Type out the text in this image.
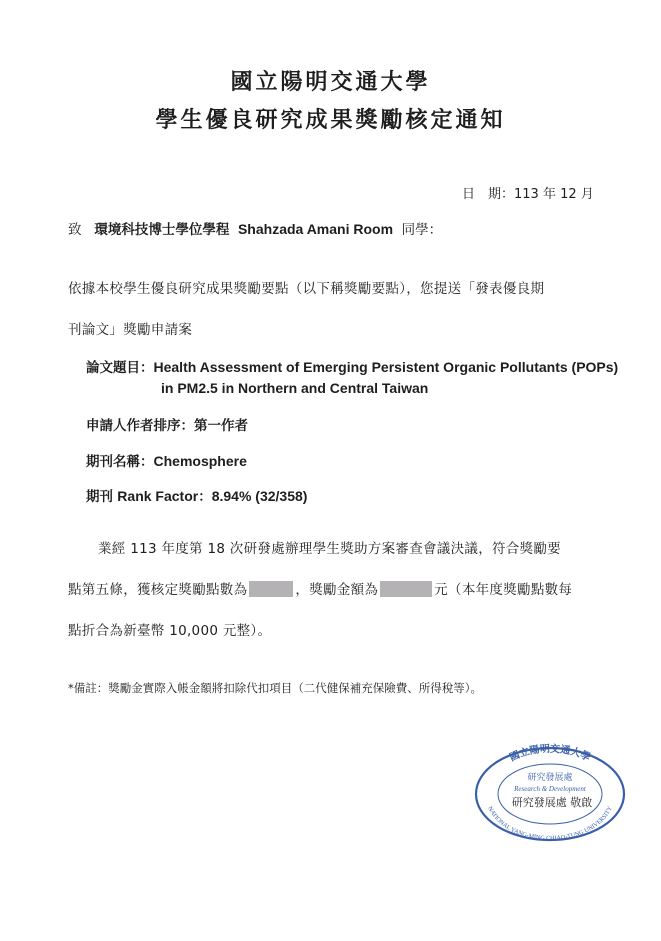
國立陽明交通大學
學生優良研究成果獎勵核定通知
日　期：113 年 12 月
致 環境科技博士學位學程 Shahzada Amani Room 同學：
依據本校學生優良研究成果獎勵要點（以下稱獎勵要點），您提送「發表優良期
刊論文」獎勵申請案
論文題目：Health Assessment of Emerging Persistent Organic Pollutants (POPs)
in PM2.5 in Northern and Central Taiwan
申請人作者排序：第一作者
期刊名稱：Chemosphere
期刊 Rank Factor：8.94% (32/358)
業經 113 年度第 18 次研發處辦理學生獎助方案審查會議決議，符合獎勵要
點第五條，獲核定獎勵點數為	，獎勵金額為	元（本年度獎勵點數每
點折合為新臺幣 10,000 元整）。
*備註：獎勵金實際入帳金額將扣除代扣項目（二代健保補充保險費、所得稅等）。
國立陽明交通大學
NATIONAL YANG-MING CHIAO-TUNG UNIVERSITY
研究發展處
Research & Development
研究發展處 敬啟
